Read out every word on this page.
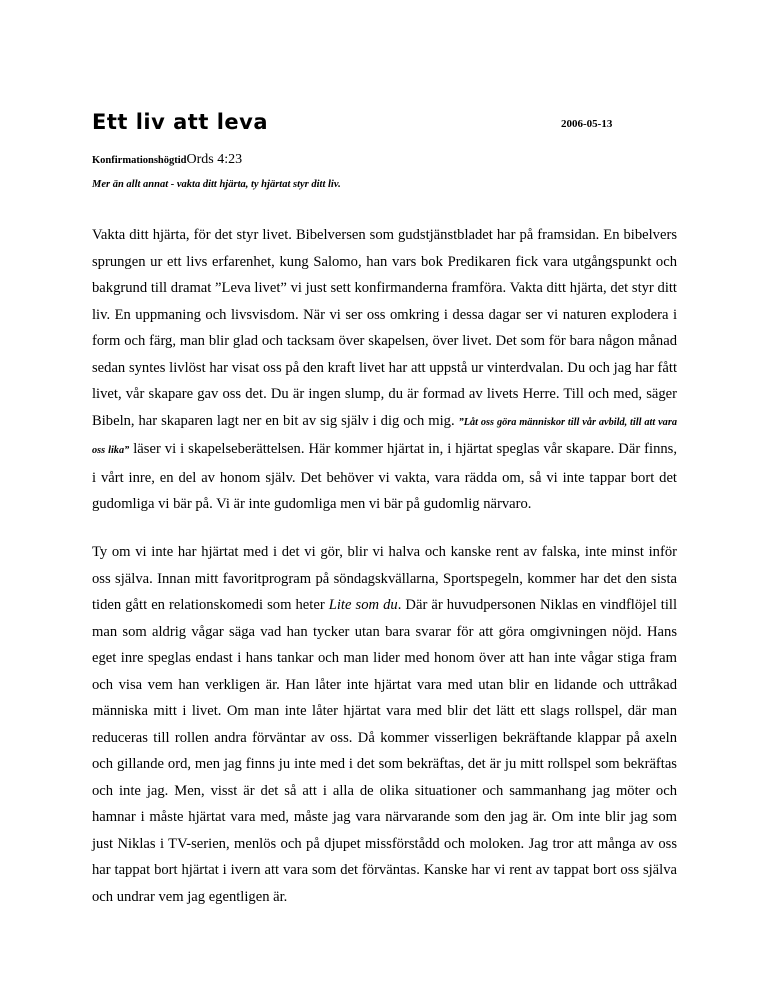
Ett liv att leva	2006-05-13
KonfirmationshögtidOrds 4:23
Mer än allt annat - vakta ditt hjärta, ty hjärtat styr ditt liv.
Vakta ditt hjärta, för det styr livet. Bibelversen som gudstjänstbladet har på framsidan. En bibelvers sprungen ur ett livs erfarenhet, kung Salomo, han vars bok Predikaren fick vara utgångspunkt och bakgrund till dramat ”Leva livet” vi just sett konfirmanderna framföra. Vakta ditt hjärta, det styr ditt liv. En uppmaning och livsvisdom. När vi ser oss omkring i dessa dagar ser vi naturen explodera i form och färg, man blir glad och tacksam över skapelsen, över livet. Det som för bara någon månad sedan syntes livlöst har visat oss på den kraft livet har att uppstå ur vinterdvalan. Du och jag har fått livet, vår skapare gav oss det. Du är ingen slump, du är formad av livets Herre. Till och med, säger Bibeln, har skaparen lagt ner en bit av sig själv i dig och mig. ”Låt oss göra människor till vår avbild, till att vara oss lika” läser vi i skapelseberättelsen. Här kommer hjärtat in, i hjärtat speglas vår skapare. Där finns, i vårt inre, en del av honom själv. Det behöver vi vakta, vara rädda om, så vi inte tappar bort det gudomliga vi bär på. Vi är inte gudomliga men vi bär på gudomlig närvaro.
Ty om vi inte har hjärtat med i det vi gör, blir vi halva och kanske rent av falska, inte minst inför oss själva. Innan mitt favoritprogram på söndagskvällarna, Sportspegeln, kommer har det den sista tiden gått en relationskomedi som heter Lite som du. Där är huvudpersonen Niklas en vindflöjel till man som aldrig vågar säga vad han tycker utan bara svarar för att göra omgivningen nöjd. Hans eget inre speglas endast i hans tankar och man lider med honom över att han inte vågar stiga fram och visa vem han verkligen är. Han låter inte hjärtat vara med utan blir en lidande och uttråkad människa mitt i livet. Om man inte låter hjärtat vara med blir det lätt ett slags rollspel, där man reduceras till rollen andra förväntar av oss. Då kommer visserligen bekräftande klappar på axeln och gillande ord, men jag finns ju inte med i det som bekräftas, det är ju mitt rollspel som bekräftas och inte jag. Men, visst är det så att i alla de olika situationer och sammanhang jag möter och hamnar i måste hjärtat vara med, måste jag vara närvarande som den jag är. Om inte blir jag som just Niklas i TV-serien, menlös och på djupet missförstådd och moloken. Jag tror att många av oss har tappat bort hjärtat i ivern att vara som det förväntas. Kanske har vi rent av tappat bort oss själva och undrar vem jag egentligen är.
